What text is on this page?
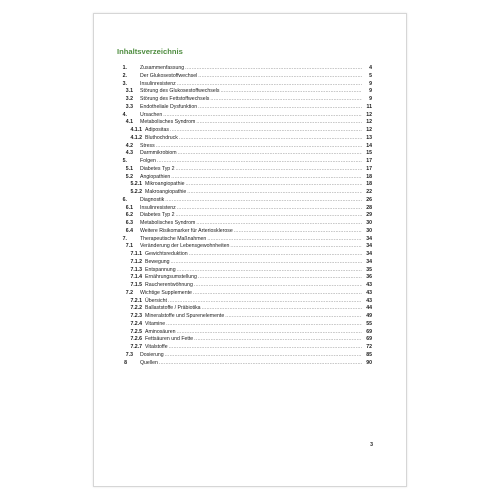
Inhaltsverzeichnis
1.	Zusammenfassung .....	4
2.	Der Glukosestoffwechsel .....	5
3.	Insulinresistenz .....	9
3.1 Störung des Glukosestoffwechsels .....	9
3.2 Störung des Fettstoffwechsels .....	9
3.3 Endotheliale Dysfunktion .....	11
4.	Ursachen .....	12
4.1 Metabolisches Syndrom .....	12
4.1.1 Adipositas .....	12
4.1.2 Bluthochdruck .....	13
4.2 Stress .....	14
4.3 Darmmikrobiom .....	15
5.	Folgen .....	17
5.1 Diabetes Typ 2 .....	17
5.2 Angiopathien .....	18
5.2.1 Mikroangiopathie .....	18
5.2.2 Makroangiopathie .....	22
6.	Diagnostik .....	26
6.1 Insulinresistenz .....	28
6.2 Diabetes Typ 2 .....	29
6.3 Metabolisches Syndrom .....	30
6.4 Weitere Risikomarker für Arteriosklerose .....	30
7.	Therapeutische Maßnahmen .....	34
7.1 Veränderung der Lebensgewohnheiten .....	34
7.1.1 Gewichtsreduktion .....	34
7.1.2 Bewegung .....	34
7.1.3 Entspannung .....	35
7.1.4 Ernährungsumstellung .....	36
7.1.5 Raucherentwöhnung .....	43
7.2 Wichtige Supplemente .....	43
7.2.1 Übersicht .....	43
7.2.2 Ballaststoffe / Präbiotika .....	44
7.2.3 Mineralstoffe und Spurenelemente .....	49
7.2.4 Vitamine .....	55
7.2.5 Aminosäuren .....	69
7.2.6 Fettsäuren und Fette .....	69
7.2.7 Vitalstoffe .....	72
7.3 Dosierung .....	85
8	Quellen .....	90
3
